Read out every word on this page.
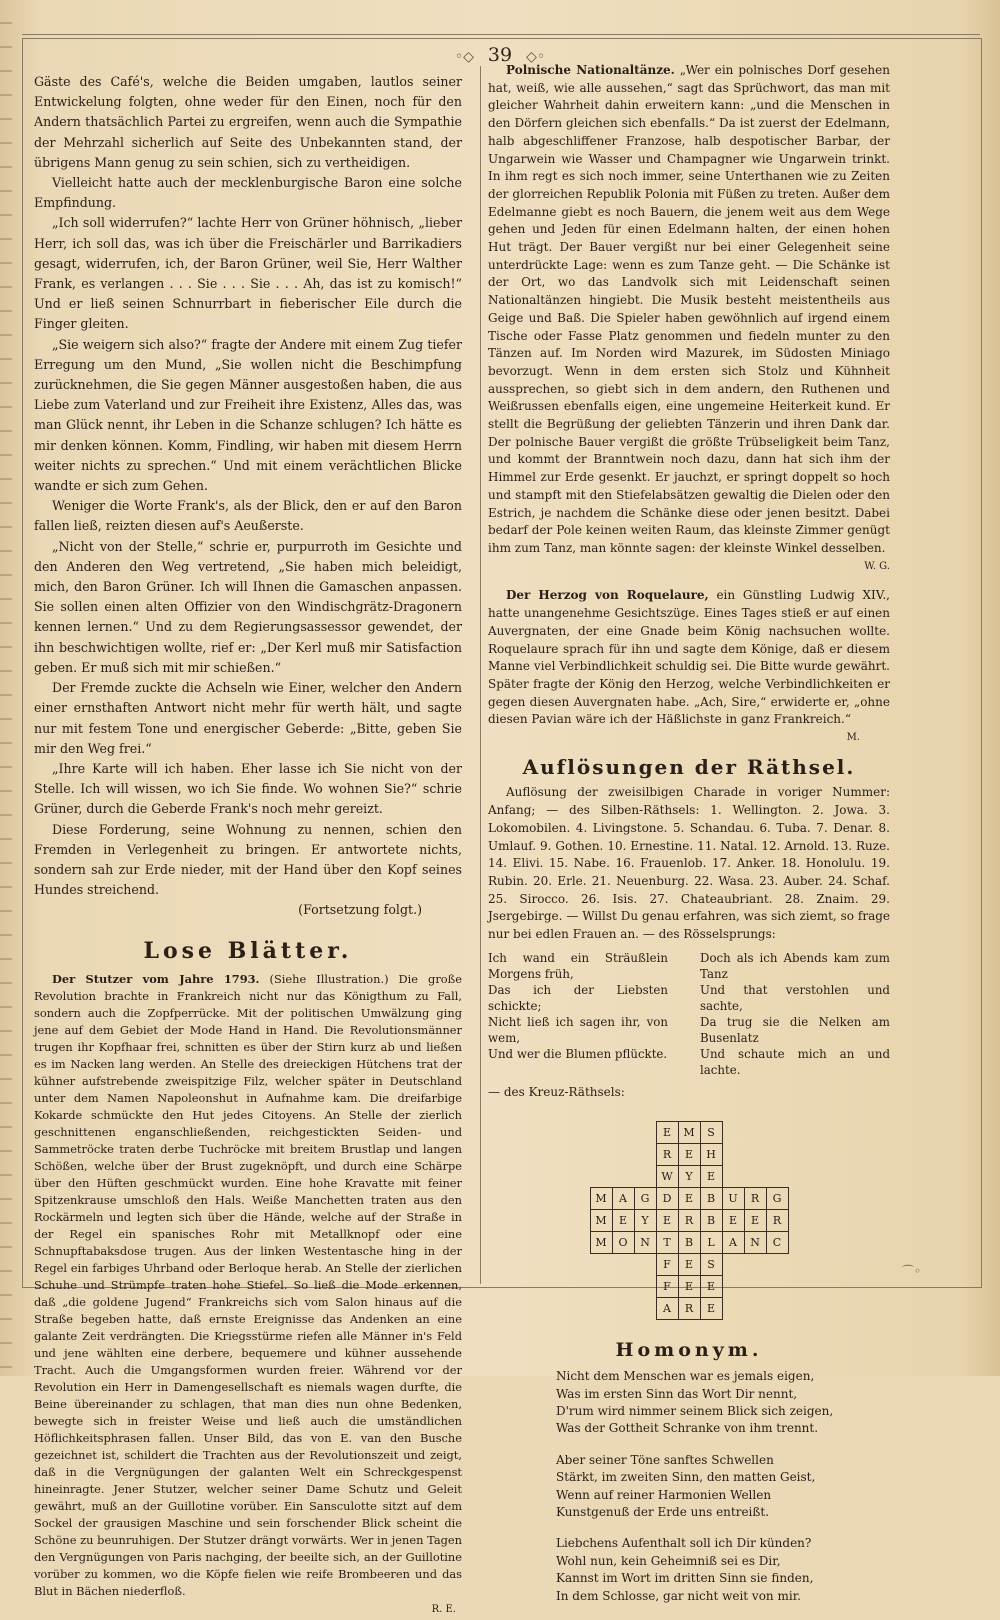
◦◇ 39 ◇◦

Gäste des Café's, welche die Beiden umgaben, lautlos seiner Entwickelung folgten, ohne weder für den Einen, noch für den Andern thatsächlich Partei zu ergreifen, wenn auch die Sympathie der Mehrzahl sicherlich auf Seite des Unbekannten stand, der übrigens Mann genug zu sein schien, sich zu vertheidigen.

Vielleicht hatte auch der mecklenburgische Baron eine solche Empfindung.

„Ich soll widerrufen?“ lachte Herr von Grüner höhnisch, „lieber Herr, ich soll das, was ich über die Freischärler und Barrikadiers gesagt, widerrufen, ich, der Baron Grüner, weil Sie, Herr Walther Frank, es verlangen . . . Sie . . . Sie . . . Ah, das ist zu komisch!“ Und er ließ seinen Schnurrbart in fieberischer Eile durch die Finger gleiten.

„Sie weigern sich also?“ fragte der Andere mit einem Zug tiefer Erregung um den Mund, „Sie wollen nicht die Beschimpfung zurücknehmen, die Sie gegen Männer ausgestoßen haben, die aus Liebe zum Vaterland und zur Freiheit ihre Existenz, Alles das, was man Glück nennt, ihr Leben in die Schanze schlugen? Ich hätte es mir denken können. Komm, Findling, wir haben mit diesem Herrn weiter nichts zu sprechen.“ Und mit einem verächtlichen Blicke wandte er sich zum Gehen.

Weniger die Worte Frank's, als der Blick, den er auf den Baron fallen ließ, reizten diesen auf's Aeußerste.

„Nicht von der Stelle,“ schrie er, purpurroth im Gesichte und den Anderen den Weg vertretend, „Sie haben mich beleidigt, mich, den Baron Grüner. Ich will Ihnen die Gamaschen anpassen. Sie sollen einen alten Offizier von den Windischgrätz-Dragonern kennen lernen.“ Und zu dem Regierungsassessor gewendet, der ihn beschwichtigen wollte, rief er: „Der Kerl muß mir Satisfaction geben. Er muß sich mit mir schießen.“

Der Fremde zuckte die Achseln wie Einer, welcher den Andern einer ernsthaften Antwort nicht mehr für werth hält, und sagte nur mit festem Tone und energischer Geberde: „Bitte, geben Sie mir den Weg frei.“

„Ihre Karte will ich haben. Eher lasse ich Sie nicht von der Stelle. Ich will wissen, wo ich Sie finde. Wo wohnen Sie?“ schrie Grüner, durch die Geberde Frank's noch mehr gereizt.

Diese Forderung, seine Wohnung zu nennen, schien den Fremden in Verlegenheit zu bringen. Er antwortete nichts, sondern sah zur Erde nieder, mit der Hand über den Kopf seines Hundes streichend.

(Fortsetzung folgt.)

Lose Blätter.

Der Stutzer vom Jahre 1793. (Siehe Illustration.) Die große Revolution brachte in Frankreich nicht nur das Königthum zu Fall, sondern auch die Zopfperrücke. Mit der politischen Umwälzung ging jene auf dem Gebiet der Mode Hand in Hand. Die Revolutionsmänner trugen ihr Kopfhaar frei, schnitten es über der Stirn kurz ab und ließen es im Nacken lang werden. An Stelle des dreieckigen Hütchens trat der kühner aufstrebende zweispitzige Filz, welcher später in Deutschland unter dem Namen Napoleonshut in Aufnahme kam. Die dreifarbige Kokarde schmückte den Hut jedes Citoyens. An Stelle der zierlich geschnittenen enganschließenden, reichgestickten Seiden- und Sammetröcke traten derbe Tuchröcke mit breitem Brustlap und langen Schößen, welche über der Brust zugeknöpft, und durch eine Schärpe über den Hüften geschmückt wurden. Eine hohe Kravatte mit feiner Spitzenkrause umschloß den Hals. Weiße Manchetten traten aus den Rockärmeln und legten sich über die Hände, welche auf der Straße in der Regel ein spanisches Rohr mit Metallknopf oder eine Schnupftabaksdose trugen. Aus der linken Westentasche hing in der Regel ein farbiges Uhrband oder Berloque herab. An Stelle der zierlichen Schuhe und Strümpfe traten hohe Stiefel. So ließ die Mode erkennen, daß „die goldene Jugend“ Frankreichs sich vom Salon hinaus auf die Straße begeben hatte, daß ernste Ereignisse das Andenken an eine galante Zeit verdrängten. Die Kriegsstürme riefen alle Männer in's Feld und jene wählten eine derbere, bequemere und kühner aussehende Tracht. Auch die Umgangsformen wurden freier. Während vor der Revolution ein Herr in Damengesellschaft es niemals wagen durfte, die Beine übereinander zu schlagen, that man dies nun ohne Bedenken, bewegte sich in freister Weise und ließ auch die umständlichen Höflichkeitsphrasen fallen. Unser Bild, das von E. van den Busche gezeichnet ist, schildert die Trachten aus der Revolutionszeit und zeigt, daß in die Vergnügungen der galanten Welt ein Schreckgespenst hineinragte. Jener Stutzer, welcher seiner Dame Schutz und Geleit gewährt, muß an der Guillotine vorüber. Ein Sansculotte sitzt auf dem Sockel der grausigen Maschine und sein forschender Blick scheint die Schöne zu beunruhigen. Der Stutzer drängt vorwärts. Wer in jenen Tagen den Vergnügungen von Paris nachging, der beeilte sich, an der Guillotine vorüber zu kommen, wo die Köpfe fielen wie reife Brombeeren und das Blut in Bächen niederfloß.

R. E.

Polnische Nationaltänze. „Wer ein polnisches Dorf gesehen hat, weiß, wie alle aussehen,“ sagt das Sprüchwort, das man mit gleicher Wahrheit dahin erweitern kann: „und die Menschen in den Dörfern gleichen sich ebenfalls.“ Da ist zuerst der Edelmann, halb abgeschliffener Franzose, halb despotischer Barbar, der Ungarwein wie Wasser und Champagner wie Ungarwein trinkt. In ihm regt es sich noch immer, seine Unterthanen wie zu Zeiten der glorreichen Republik Polonia mit Füßen zu treten. Außer dem Edelmanne giebt es noch Bauern, die jenem weit aus dem Wege gehen und Jeden für einen Edelmann halten, der einen hohen Hut trägt. Der Bauer vergißt nur bei einer Gelegenheit seine unterdrückte Lage: wenn es zum Tanze geht. — Die Schänke ist der Ort, wo das Landvolk sich mit Leidenschaft seinen Nationaltänzen hingiebt. Die Musik besteht meistentheils aus Geige und Baß. Die Spieler haben gewöhnlich auf irgend einem Tische oder Fasse Platz genommen und fiedeln munter zu den Tänzen auf. Im Norden wird Mazurek, im Südosten Miniago bevorzugt. Wenn in dem ersten sich Stolz und Kühnheit aussprechen, so giebt sich in dem andern, den Ruthenen und Weißrussen ebenfalls eigen, eine ungemeine Heiterkeit kund. Er stellt die Begrüßung der geliebten Tänzerin und ihren Dank dar. Der polnische Bauer vergißt die größte Trübseligkeit beim Tanz, und kommt der Branntwein noch dazu, dann hat sich ihm der Himmel zur Erde gesenkt. Er jauchzt, er springt doppelt so hoch und stampft mit den Stiefelabsätzen gewaltig die Dielen oder den Estrich, je nachdem die Schänke diese oder jenen besitzt. Dabei bedarf der Pole keinen weiten Raum, das kleinste Zimmer genügt ihm zum Tanz, man könnte sagen: der kleinste Winkel desselben.

W. G.

Der Herzog von Roquelaure, ein Günstling Ludwig XIV., hatte unangenehme Gesichtszüge. Eines Tages stieß er auf einen Auvergnaten, der eine Gnade beim König nachsuchen wollte. Roquelaure sprach für ihn und sagte dem Könige, daß er diesem Manne viel Verbindlichkeit schuldig sei. Die Bitte wurde gewährt. Später fragte der König den Herzog, welche Verbindlichkeiten er gegen diesen Auvergnaten habe. „Ach, Sire,“ erwiderte er, „ohne diesen Pavian wäre ich der Häßlichste in ganz Frankreich.“

M.
Auflösungen der Räthsel.

Auflösung der zweisilbigen Charade in voriger Nummer: Anfang; — des Silben-Räthsels: 1. Wellington. 2. Jowa. 3. Lokomobilen. 4. Livingstone. 5. Schandau. 6. Tuba. 7. Denar. 8. Umlauf. 9. Gothen. 10. Ernestine. 11. Natal. 12. Arnold. 13. Ruze. 14. Elivi. 15. Nabe. 16. Frauenlob. 17. Anker. 18. Honolulu. 19. Rubin. 20. Erle. 21. Neuenburg. 22. Wasa. 23. Auber. 24. Schaf. 25. Sirocco. 26. Isis. 27. Chateaubriant. 28. Znaim. 29. Jsergebirge. — Willst Du genau erfahren, was sich ziemt, so frage nur bei edlen Frauen an. — des Rösselsprungs:

Ich wand ein Sträußlein Morgens früh,
Das ich der Liebsten schickte;
Nicht ließ ich sagen ihr, von wem,
Und wer die Blumen pflückte.
Doch als ich Abends kam zum Tanz
Und that verstohlen und sachte,
Da trug sie die Nelken am Busenlatz
Und schaute mich an und lachte.
— des Kreuz-Räthsels:
			E	M	S			
			R	E	H			
			W	Y	E			
M	A	G	D	E	B	U	R	G
M	E	Y	E	R	B	E	E	R
M	O	N	T	B	L	A	N	C
			F	E	S			
			F	E	E			
			A	R	E			
Homonym.
Nicht dem Menschen war es jemals eigen,
Was im ersten Sinn das Wort Dir nennt,
D'rum wird nimmer seinem Blick sich zeigen,
Was der Gottheit Schranke von ihm trennt.
Aber seiner Töne sanftes Schwellen
Stärkt, im zweiten Sinn, den matten Geist,
Wenn auf reiner Harmonien Wellen
Kunstgenuß der Erde uns entreißt.
Liebchens Aufenthalt soll ich Dir künden?
Wohl nun, kein Geheimniß sei es Dir,
Kannst im Wort im dritten Sinn sie finden,
In dem Schlosse, gar nicht weit von mir.
⌒◦
